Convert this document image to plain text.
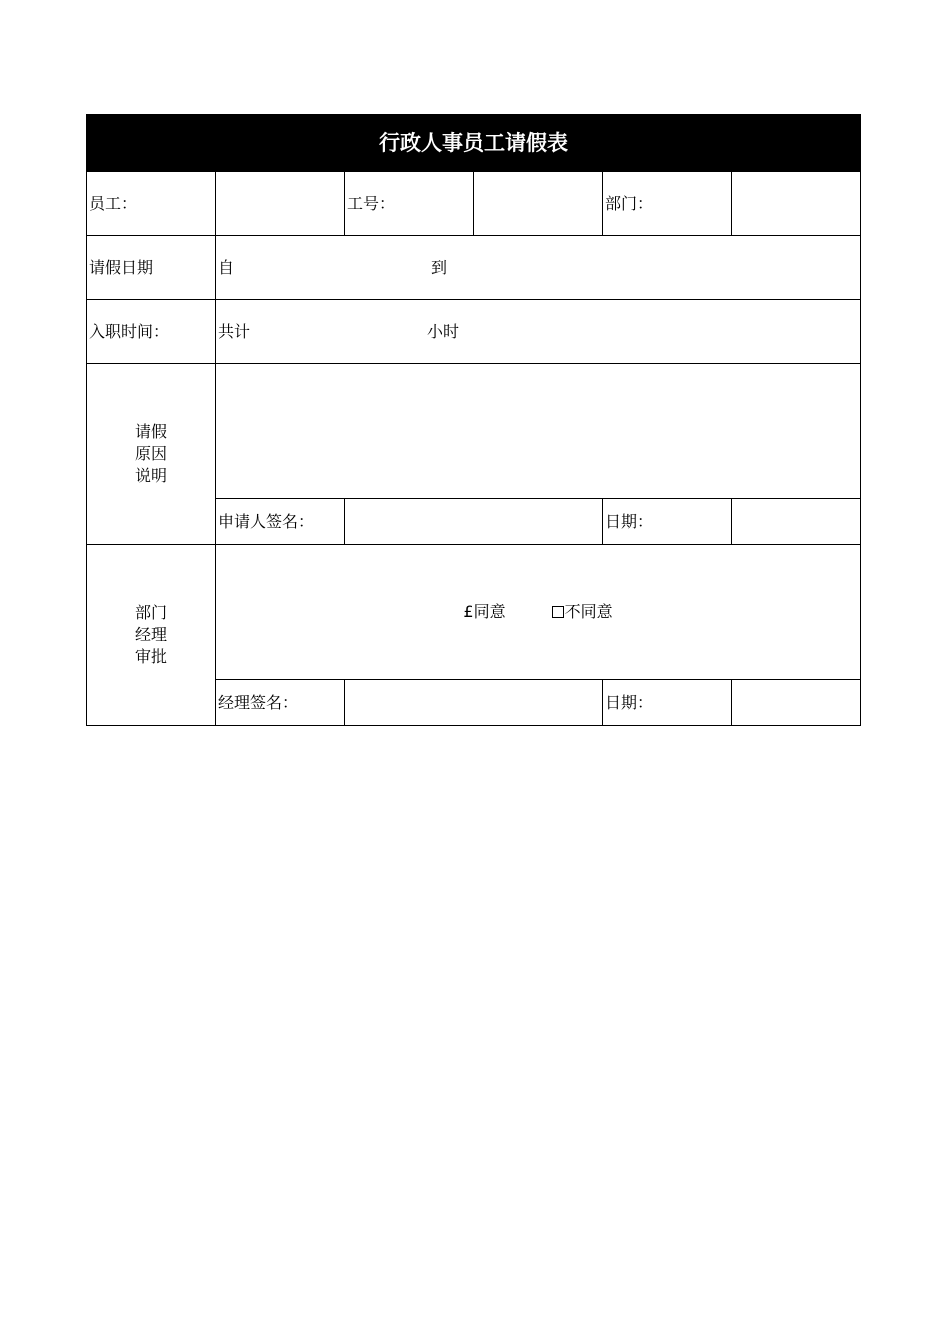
行政人事员工请假表					
员工：		工号：		部门：	
请假日期	自 到				

入职时间：	共计 小时				

请假
原因
说明					

	申请人签名：			日期：	

部门
经理
审批	£同意 不同意				
	经理签名：			日期：	
